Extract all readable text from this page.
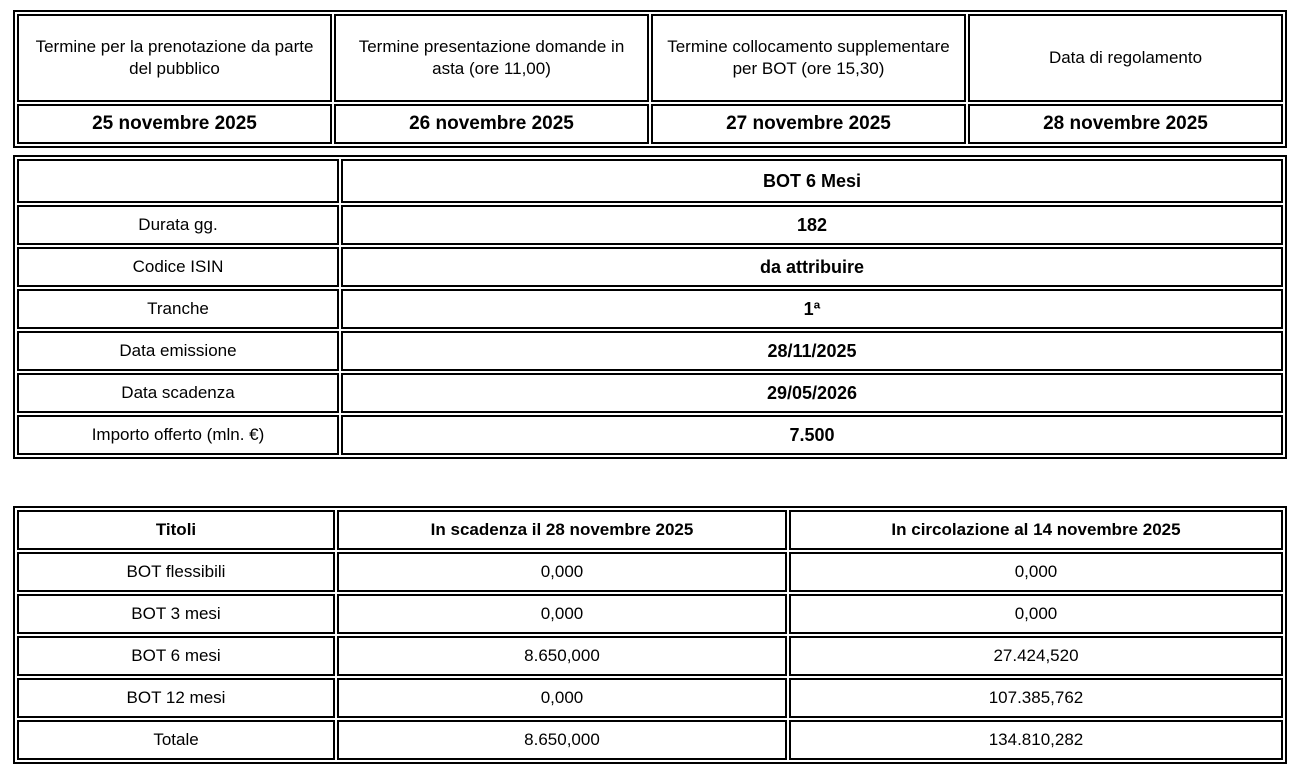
Termine per la prenotazione da parte del pubblico	Termine presentazione domande in asta (ore 11,00)	Termine collocamento supplementare per BOT (ore 15,30)	Data di regolamento
25 novembre 2025	26 novembre 2025	27 novembre 2025	28 novembre 2025
	BOT 6 Mesi
Durata gg.	182
Codice ISIN	da attribuire
Tranche	1ª
Data emissione	28/11/2025
Data scadenza	29/05/2026
Importo offerto (mln. €)	7.500
Titoli	In scadenza il 28 novembre 2025	In circolazione al 14 novembre 2025
BOT flessibili	0,000	0,000
BOT 3 mesi	0,000	0,000
BOT 6 mesi	8.650,000	27.424,520
BOT 12 mesi	0,000	107.385,762
Totale	8.650,000	134.810,282
